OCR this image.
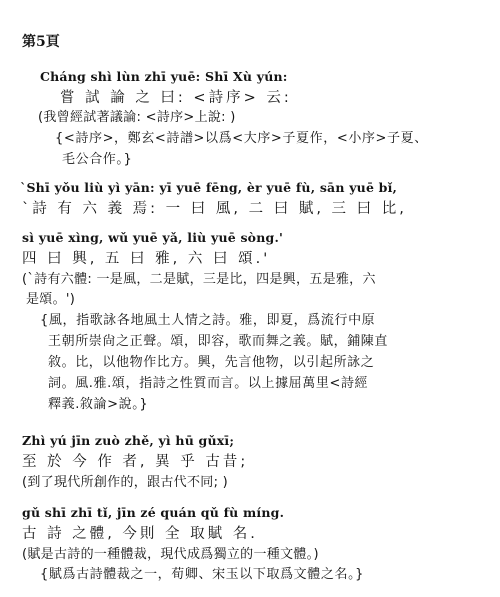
第5頁
Cháng shì lùn zhī yuē: Shī Xù yún:
嘗 試 論 之 曰: <詩序> 云:
(我曾經試著議論: <詩序>上說: )
{<詩序>，鄭玄<詩譜>以爲<大序>子夏作，<小序>子夏、
毛公合作。}
`Shī yǒu liù yì yān: yī yuē fēng, èr yuē fù, sān yuē bǐ,
`詩 有 六 義 焉: 一 曰 風, 二 曰 賦, 三 曰 比,
sì yuē xìng, wǔ yuē yǎ, liù yuē sòng.'
四 曰 興, 五 曰 雅, 六 曰 頌.'
(`詩有六體: 一是風，二是賦，三是比，四是興，五是雅，六
是頌。')
{風，指歌詠各地風土人情之詩。雅，即夏，爲流行中原
王朝所崇尙之正聲。頌，即容，歌而舞之義。賦，鋪陳直
敘。比，以他物作比方。興，先言他物，以引起所詠之
詞。風.雅.頌，指詩之性質而言。以上據屈萬里<詩經
釋義.敘論>說。}
Zhì yú jīn zuò zhě, yì hū gǔxī;
至 於 今 作 者, 異 乎 古昔;
(到了現代所創作的，跟古代不同; )
gǔ shī zhī tǐ, jīn zé quán qǔ fù míng.
古 詩 之體, 今則 全 取賦 名.
(賦是古詩的一種體裁，現代成爲獨立的一種文體。)
{賦爲古詩體裁之一，荀卿、宋玉以下取爲文體之名。}
